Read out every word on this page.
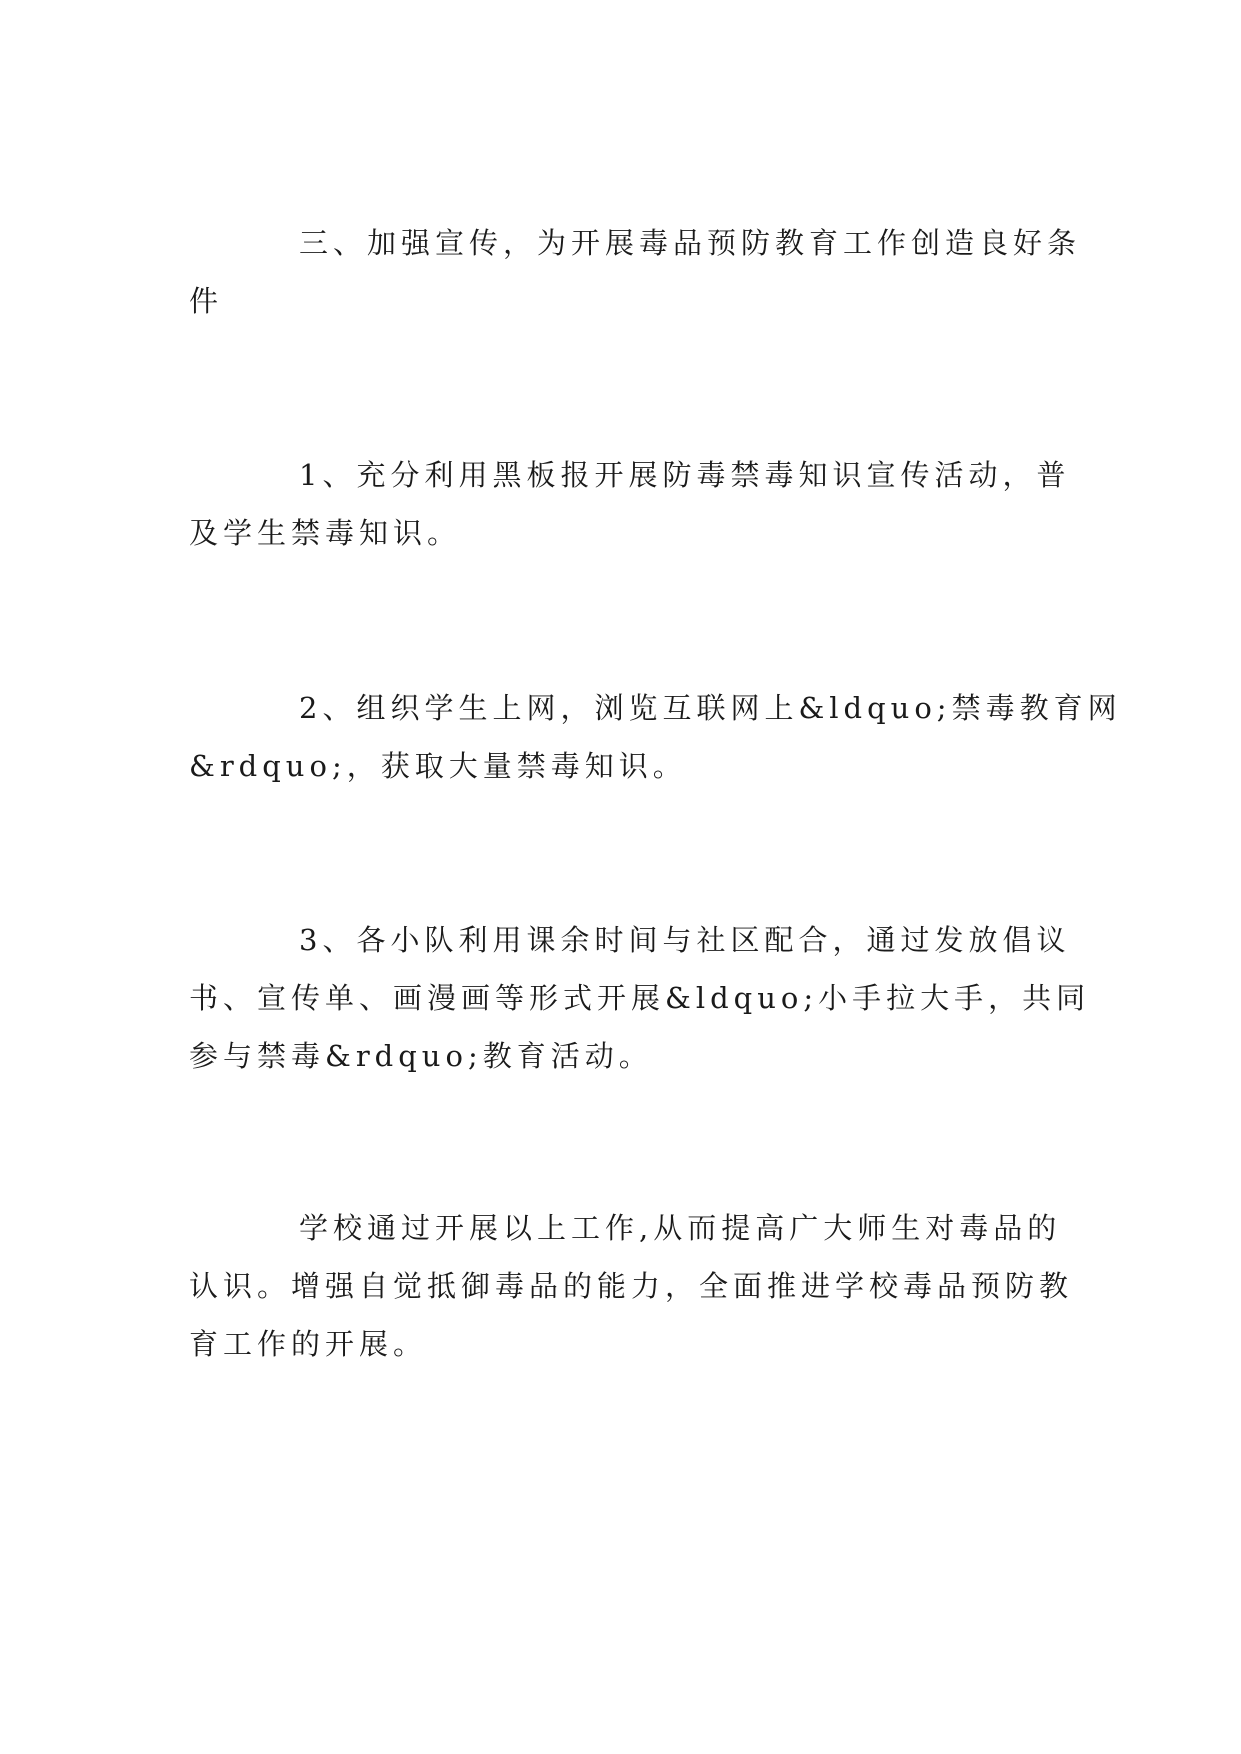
三、加强宣传，为开展毒品预防教育工作创造良好条
件
1、充分利用黑板报开展防毒禁毒知识宣传活动，普
及学生禁毒知识。
2、组织学生上网，浏览互联网上&ldquo;禁毒教育网
&rdquo;，获取大量禁毒知识。
3、各小队利用课余时间与社区配合，通过发放倡议
书、宣传单、画漫画等形式开展&ldquo;小手拉大手，共同
参与禁毒&rdquo;教育活动。
学校通过开展以上工作,从而提高广大师生对毒品的
认识。增强自觉抵御毒品的能力，全面推进学校毒品预防教
育工作的开展。
